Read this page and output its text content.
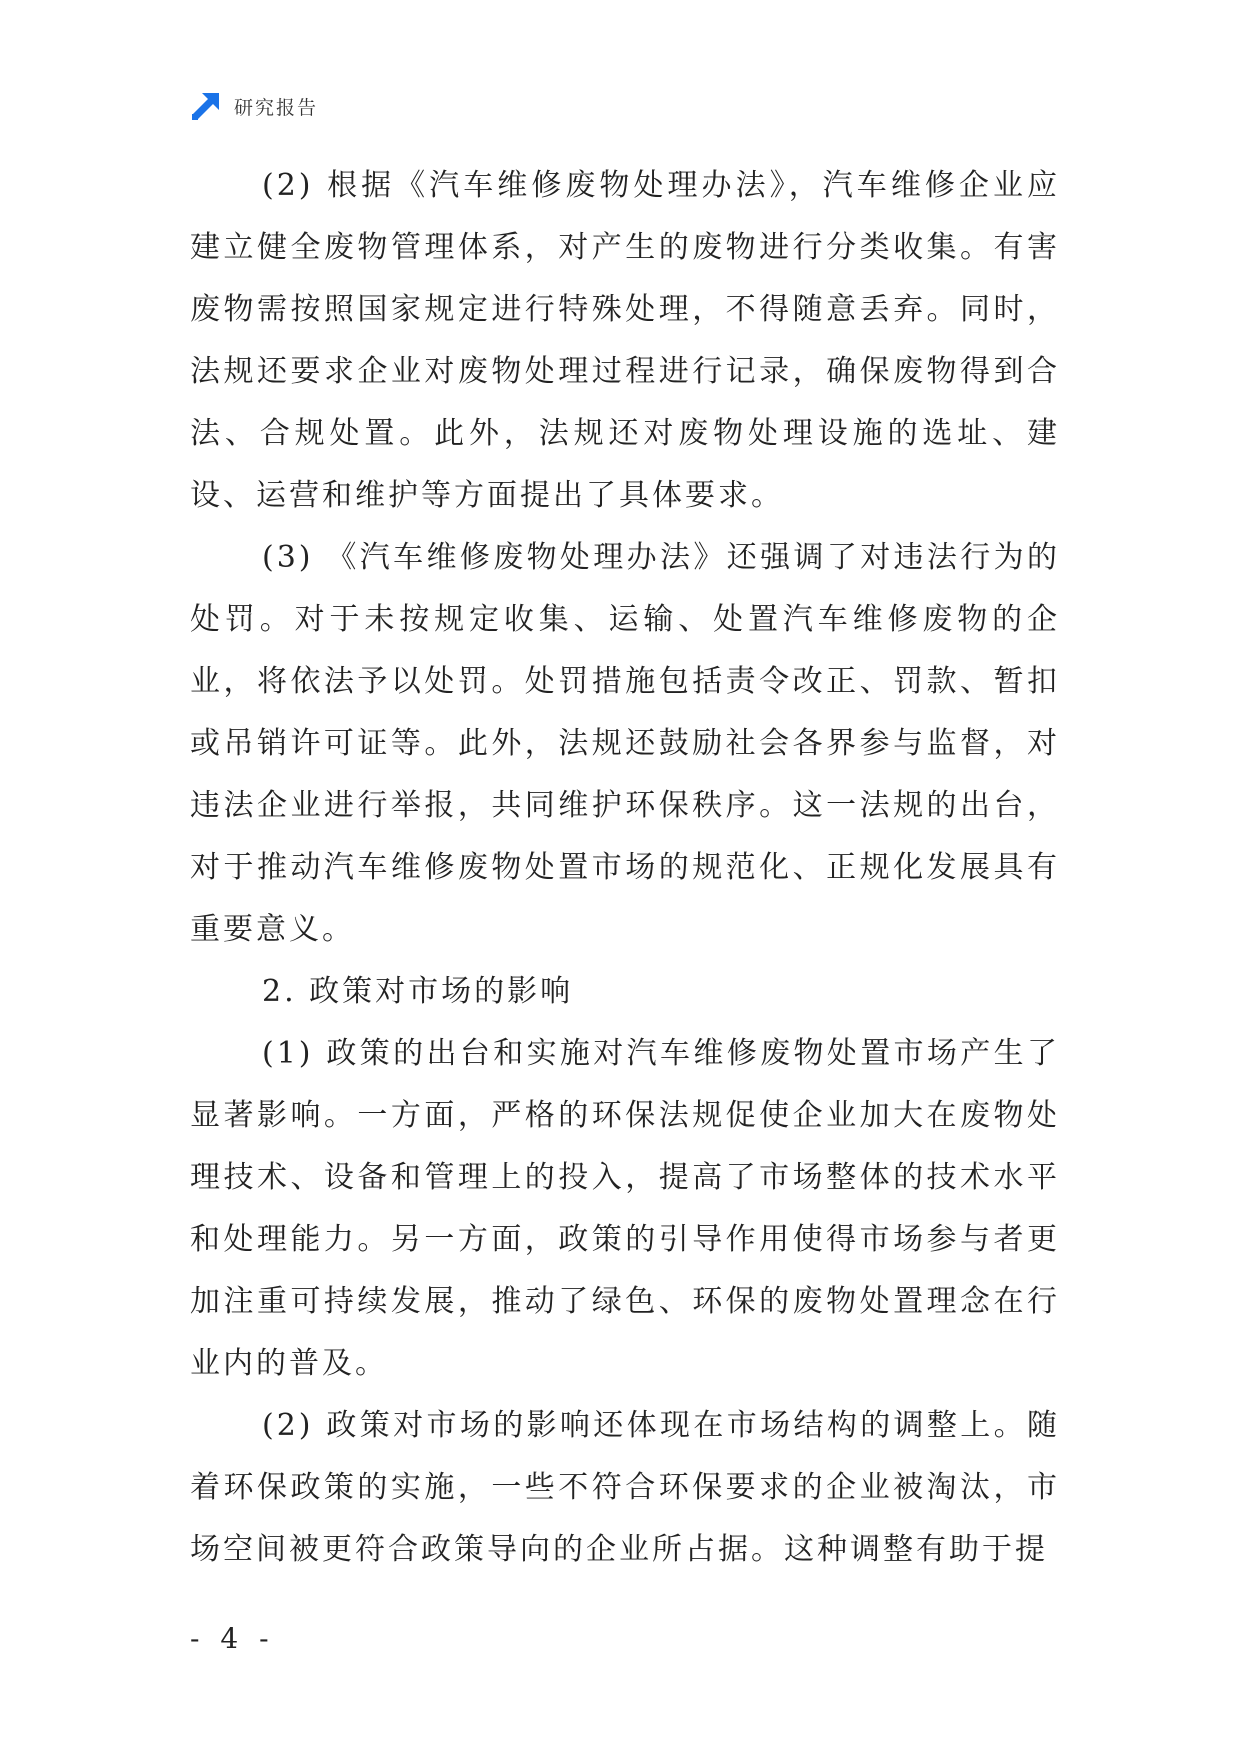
研究报告

(2) 根据《汽车维修废物处理办法》，汽车维修企业应建立健全废物管理体系，对产生的废物进行分类收集。有害废物需按照国家规定进行特殊处理，不得随意丢弃。同时，法规还要求企业对废物处理过程进行记录，确保废物得到合法、合规处置。此外，法规还对废物处理设施的选址、建设、运营和维护等方面提出了具体要求。

(3) 《汽车维修废物处理办法》还强调了对违法行为的处罚。对于未按规定收集、运输、处置汽车维修废物的企业，将依法予以处罚。处罚措施包括责令改正、罚款、暂扣或吊销许可证等。此外，法规还鼓励社会各界参与监督，对违法企业进行举报，共同维护环保秩序。这一法规的出台，对于推动汽车维修废物处置市场的规范化、正规化发展具有重要意义。

2. 政策对市场的影响

(1) 政策的出台和实施对汽车维修废物处置市场产生了显著影响。一方面，严格的环保法规促使企业加大在废物处理技术、设备和管理上的投入，提高了市场整体的技术水平和处理能力。另一方面，政策的引导作用使得市场参与者更加注重可持续发展，推动了绿色、环保的废物处置理念在行业内的普及。

(2) 政策对市场的影响还体现在市场结构的调整上。随着环保政策的实施，一些不符合环保要求的企业被淘汰，市场空间被更符合政策导向的企业所占据。这种调整有助于提

- 4 -
